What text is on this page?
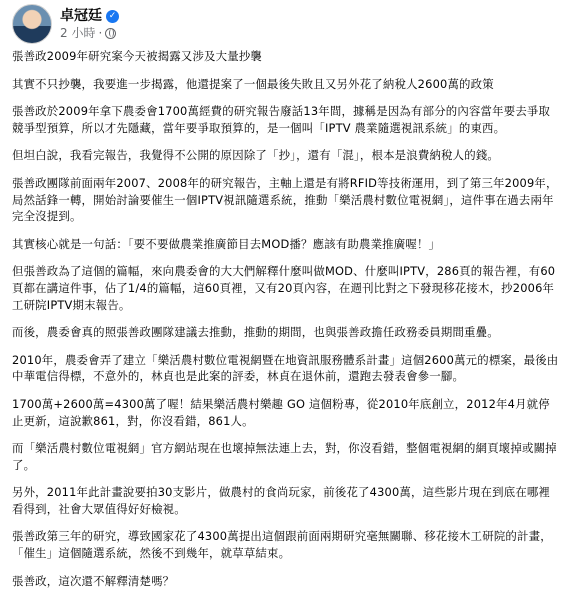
卓冠廷 ✓
2 小時 ·

張善政2009年研究案今天被揭露又涉及大量抄襲

其實不只抄襲，我要進一步揭露，他還提案了一個最後失敗且又另外花了納稅人2600萬的政策

張善政於2009年拿下農委會1700萬經費的研究報告廢話13年間，據稱是因為有部分的內容當年要去爭取競爭型預算，所以才先隱藏，當年要爭取預算的，是一個叫「IPTV 農業隨選視訊系統」的東西。

但坦白說，我看完報告，我覺得不公開的原因除了「抄」，還有「混」，根本是浪費納稅人的錢。

張善政團隊前面兩年2007、2008年的研究報告，主軸上還是有將RFID等技術運用，到了第三年2009年，局然話鋒一轉，開始討論要催生一個IPTV視訊隨選系統，推動「樂活農村數位電視網」，這件事在過去兩年完全沒提到。

其實核心就是一句話：「要不要做農業推廣節目去MOD播？應該有助農業推廣喔！」

但張善政為了這個的篇幅，來向農委會的大大們解釋什麼叫做MOD、什麼叫IPTV，286頁的報告裡，有60頁都在講這件事，佔了1/4的篇幅，這60頁裡，又有20頁內容，在週刊比對之下發現移花接木，抄2006年工研院IPTV期末報告。

而後，農委會真的照張善政團隊建議去推動，推動的期間，也與張善政擔任政務委員期間重疊。

2010年，農委會弄了建立「樂活農村數位電視網暨在地資訊服務體系計畫」這個2600萬元的標案，最後由中華電信得標，不意外的，林貞也是此案的評委，林貞在退休前，還跑去發表會參一腳。

1700萬+2600萬=4300萬了喔！結果樂活農村樂趣 GO 這個粉專，從2010年底創立，2012年4月就停止更新，這說歉861，對，你沒看錯，861人。

而「樂活農村數位電視網」官方網站現在也壞掉無法連上去，對，你沒看錯，整個電視網的網頁壞掉或關掉了。

另外，2011年此計畫說要拍30支影片，做農村的食尚玩家，前後花了4300萬，這些影片現在到底在哪裡看得到，社會大眾值得好好檢視。

張善政第三年的研究，導致國家花了4300萬提出這個跟前面兩期研究毫無關聯、移花接木工研院的計畫，「催生」這個隨選系統，然後不到幾年，就草草結束。

張善政，這次還不解釋清楚嗎？
